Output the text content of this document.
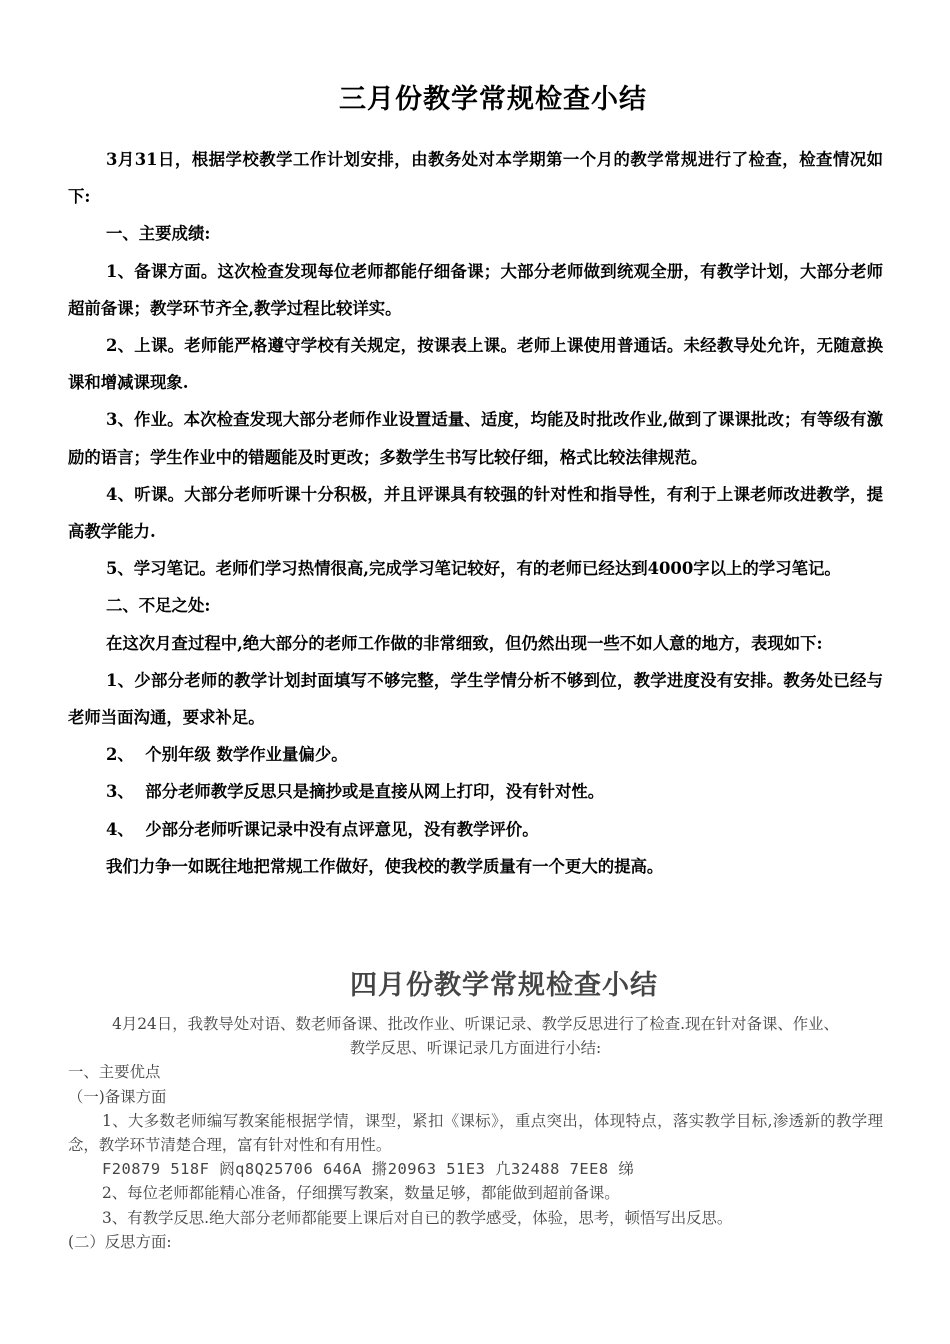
三月份教学常规检查小结

3月31日，根据学校教学工作计划安排，由教务处对本学期第一个月的教学常规进行了检查，检查情况如下:

一、主要成绩:

1、备课方面。这次检查发现每位老师都能仔细备课；大部分老师做到统观全册，有教学计划，大部分老师超前备课；教学环节齐全,教学过程比较详实。

2、上课。老师能严格遵守学校有关规定，按课表上课。老师上课使用普通话。未经教导处允许，无随意换课和增减课现象.

3、作业。本次检查发现大部分老师作业设置适量、适度，均能及时批改作业,做到了课课批改；有等级有激励的语言；学生作业中的错题能及时更改；多数学生书写比较仔细，格式比较法律规范。

4、听课。大部分老师听课十分积极，并且评课具有较强的针对性和指导性，有利于上课老师改进教学，提高教学能力.

5、学习笔记。老师们学习热情很高,完成学习笔记较好，有的老师已经达到4000字以上的学习笔记。

二、不足之处:

在这次月查过程中,绝大部分的老师工作做的非常细致，但仍然出现一些不如人意的地方，表现如下:

1、少部分老师的教学计划封面填写不够完整，学生学情分析不够到位，教学进度没有安排。教务处已经与老师当面沟通，要求补足。

2、  个别年级 数学作业量偏少。

3、  部分老师教学反思只是摘抄或是直接从网上打印，没有针对性。

4、  少部分老师听课记录中没有点评意见，没有教学评价。

我们力争一如既往地把常规工作做好，使我校的教学质量有一个更大的提高。

四月份教学常规检查小结

4月24日，我教导处对语、数老师备课、批改作业、听课记录、教学反思进行了检查.现在针对备课、作业、教学反思、听课记录几方面进行小结:

一、主要优点

（一)备课方面

1、大多数老师编写教案能根据学情，课型，紧扣《课标》，重点突出，体现特点，落实教学目标,渗透新的教学理念，教学环节清楚合理，富有针对性和有用性。

F20879 518F 阏q8Q25706 646A 摪20963 51E3 凣32488 7EE8 绨

2、每位老师都能精心准备，仔细撰写教案，数量足够，都能做到超前备课。

3、有教学反思.绝大部分老师都能要上课后对自已的教学感受，体验，思考，顿悟写出反思。

(二）反思方面:
